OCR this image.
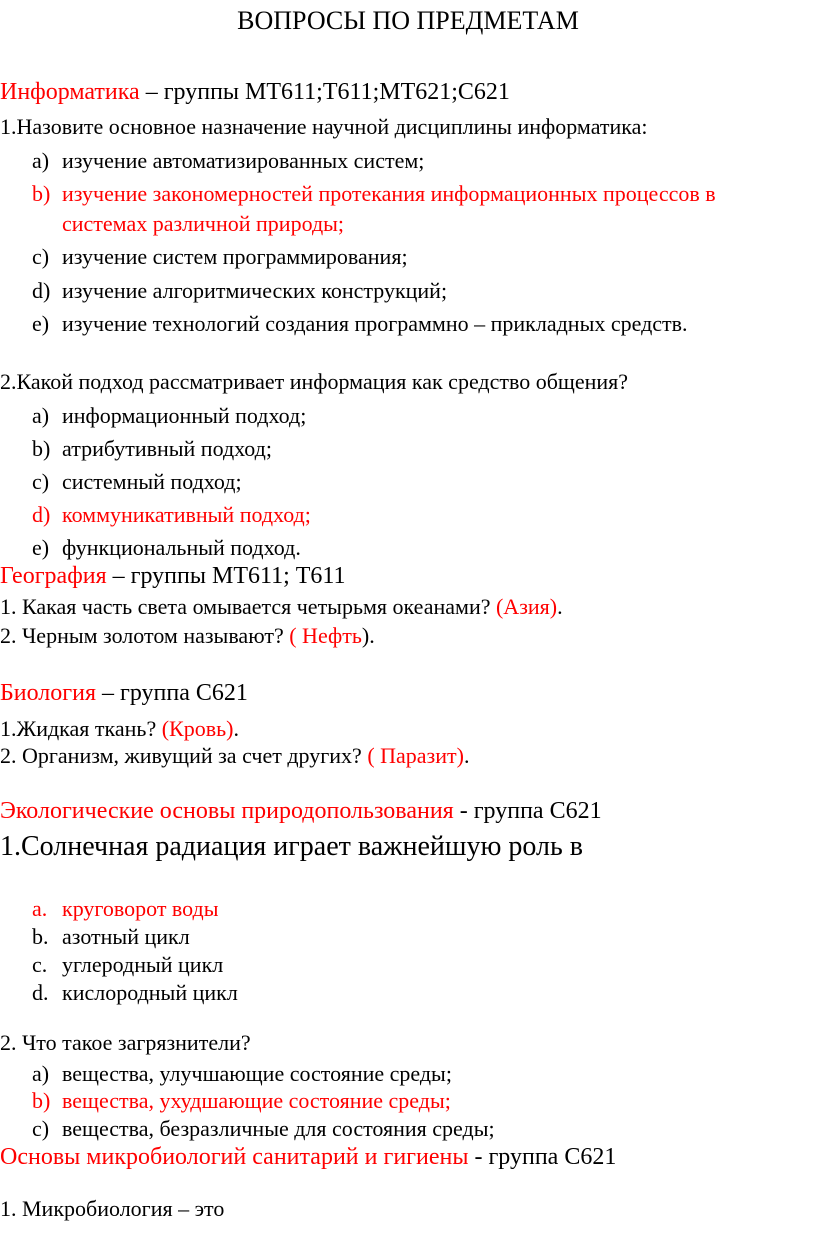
ВОПРОСЫ ПО ПРЕДМЕТАМ
Информатика – группы МТ611;Т611;МТ621;С621
1.Назовите основное назначение научной дисциплины информатика:
a) изучение автоматизированных систем;
b) изучение закономерностей протекания информационных процессов в
системах различной природы;
c) изучение систем программирования;
d) изучение алгоритмических конструкций;
e) изучение технологий создания программно – прикладных средств.
2.Какой подход рассматривает информация как средство общения?
a) информационный подход;
b) атрибутивный подход;
c) системный подход;
d) коммуникативный подход;
e) функциональный подход.
География – группы МТ611; Т611
1. Какая часть света омывается четырьмя океанами? (Азия).
2. Черным золотом называют? ( Нефть).
Биология – группа С621
1.Жидкая ткань? (Кровь).
2. Организм, живущий за счет других? ( Паразит).
Экологические основы природопользования - группа С621
1.Солнечная радиация играет важнейшую роль в
a. круговорот воды
b. азотный цикл
c. углеродный цикл
d. кислородный цикл
2. Что такое загрязнители?
a) вещества, улучшающие состояние среды;
b) вещества, ухудшающие состояние среды;
c) вещества, безразличные для состояния среды;
Основы микробиологий санитарий и гигиены - группа С621
1. Микробиология – это
